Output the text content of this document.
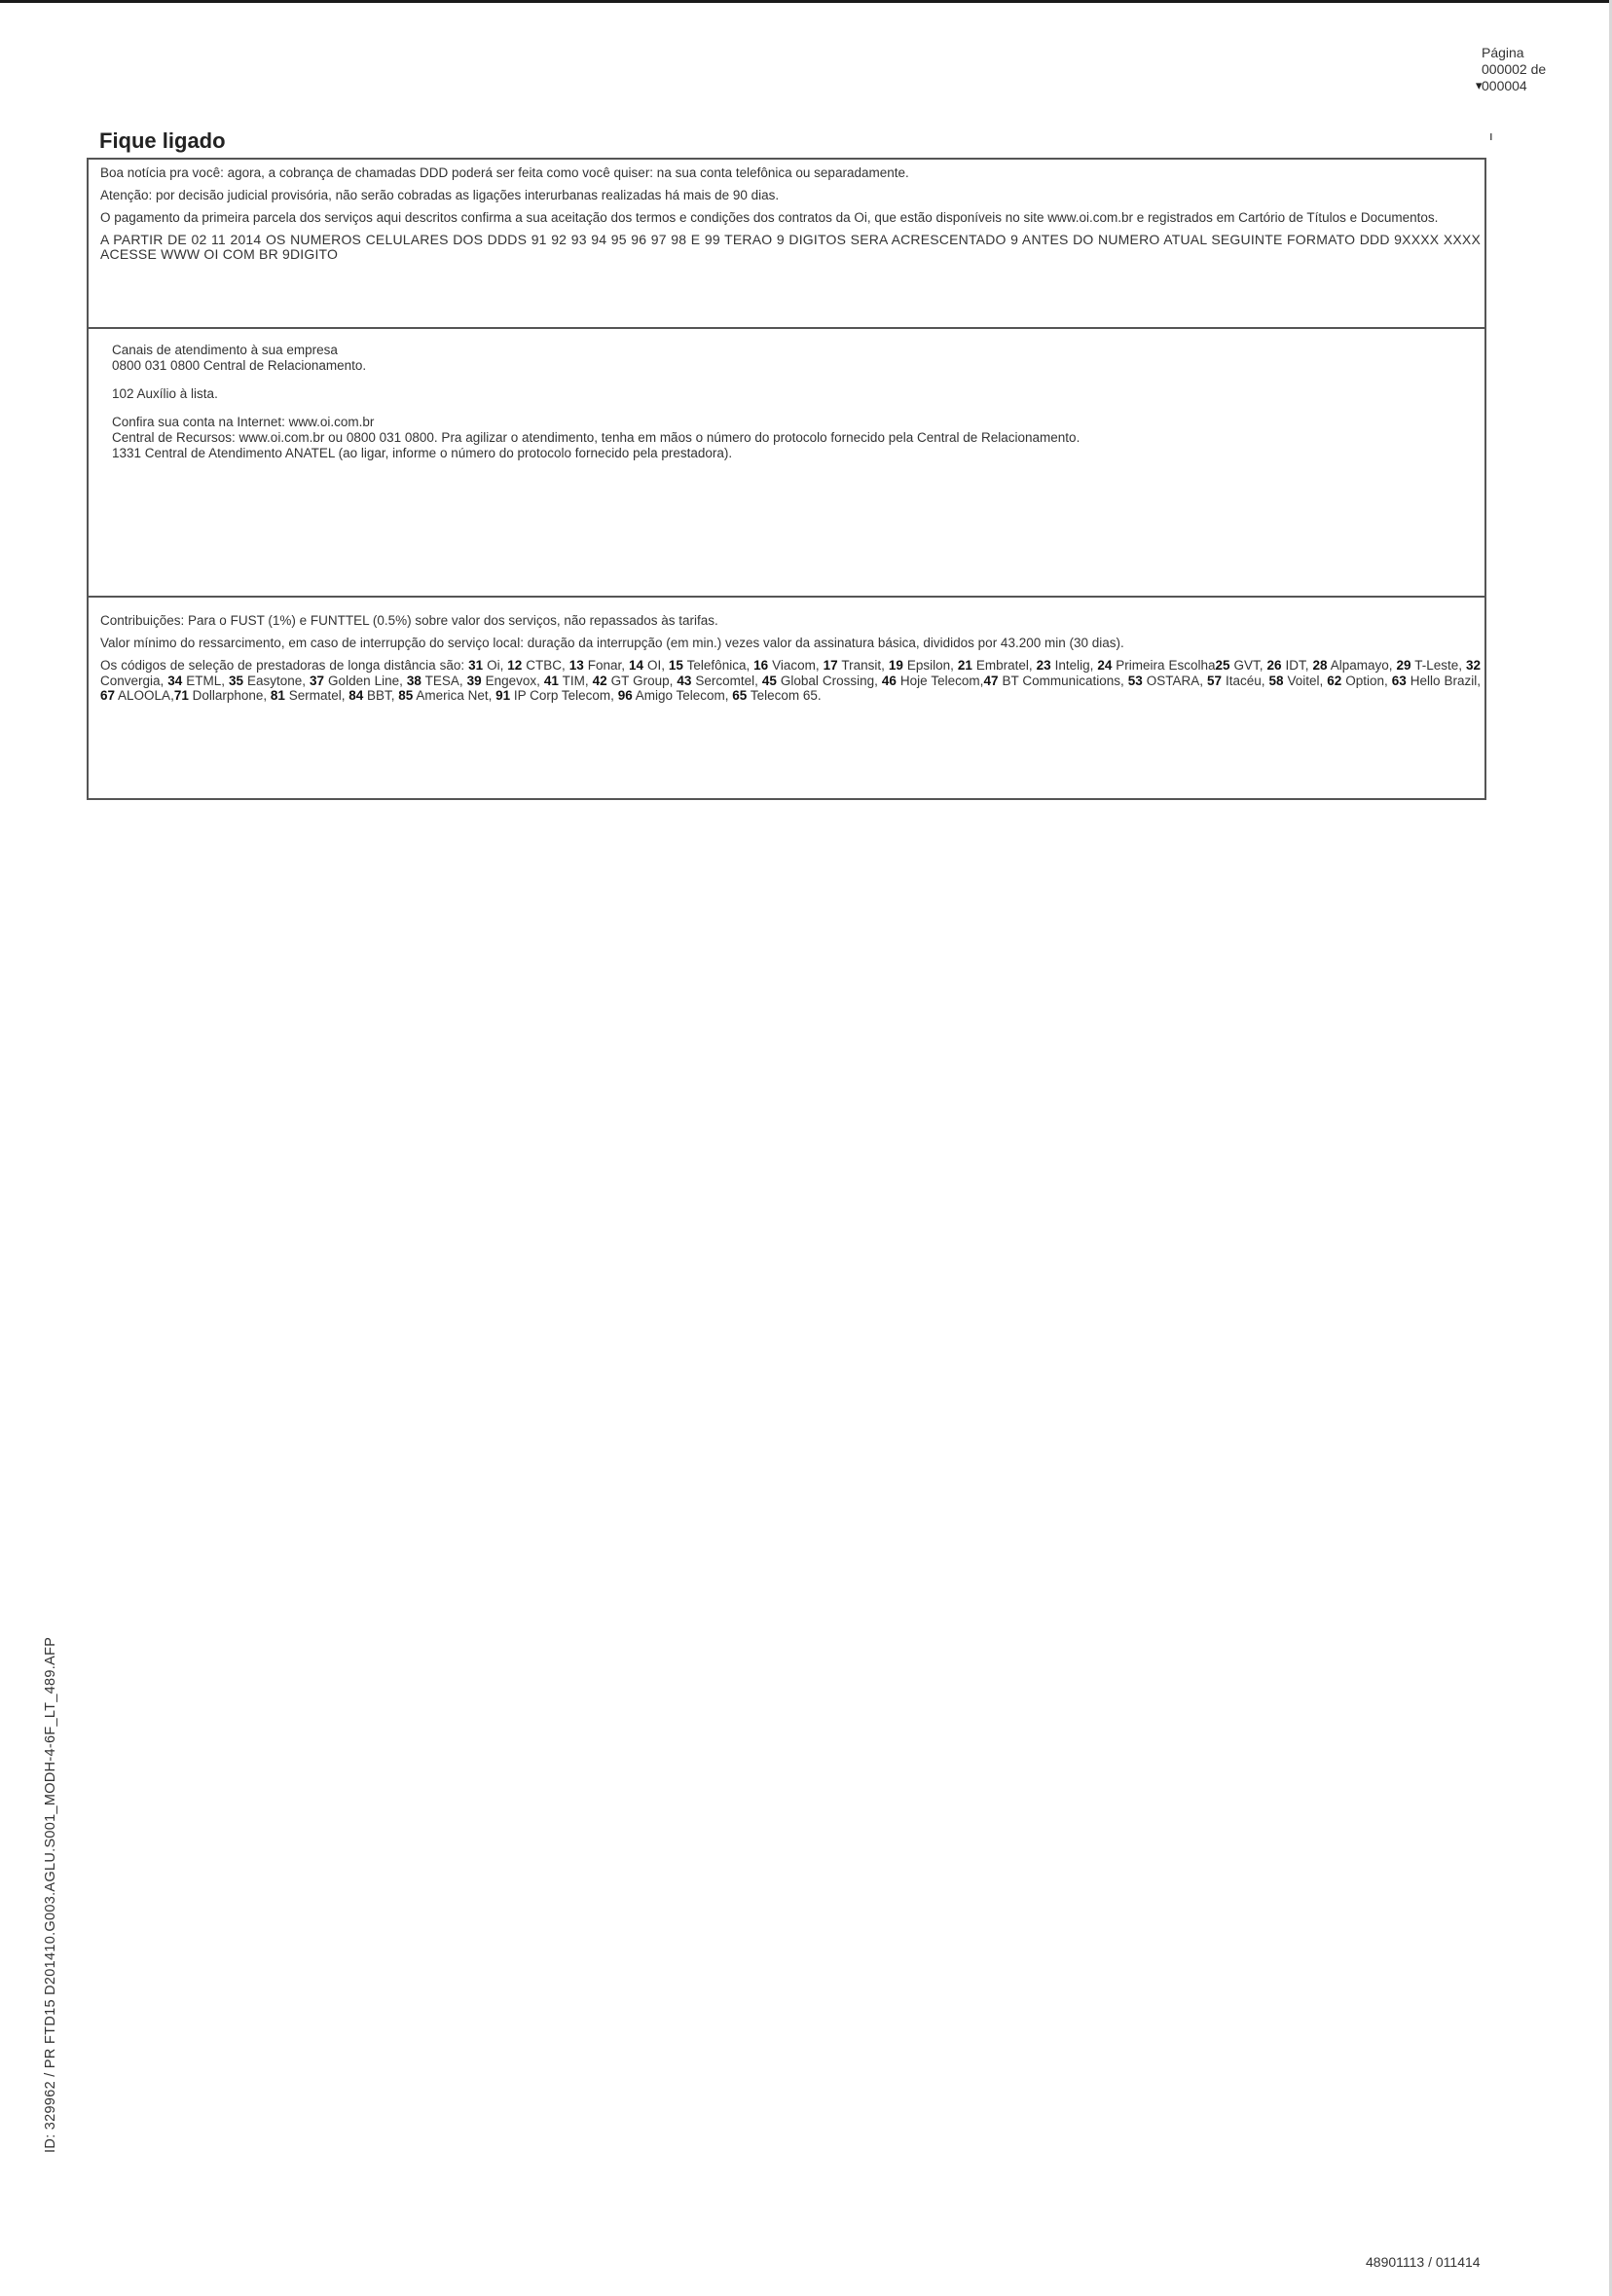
Página
000002 de
000004
▾
ı
Fique ligado

Boa notícia pra você: agora, a cobrança de chamadas DDD poderá ser feita como você quiser: na sua conta telefônica ou separadamente.

Atenção: por decisão judicial provisória, não serão cobradas as ligações interurbanas realizadas há mais de 90 dias.

O pagamento da primeira parcela dos serviços aqui descritos confirma a sua aceitação dos termos e condições dos contratos da Oi, que estão disponíveis no site www.oi.com.br e registrados em Cartório de Títulos e Documentos.

A PARTIR DE 02 11 2014 OS NUMEROS CELULARES DOS DDDS 91 92 93 94 95 96 97 98 E 99 TERAO 9 DIGITOS SERA ACRESCENTADO 9 ANTES DO NUMERO ATUAL SEGUINTE FORMATO DDD 9XXXX XXXX ACESSE WWW OI COM BR 9DIGITO

Canais de atendimento à sua empresa
0800 031 0800 Central de Relacionamento.
102 Auxílio à lista.
Confira sua conta na Internet: www.oi.com.br
Central de Recursos: www.oi.com.br ou 0800 031 0800. Pra agilizar o atendimento, tenha em mãos o número do protocolo fornecido pela Central de Relacionamento.
1331 Central de Atendimento ANATEL (ao ligar, informe o número do protocolo fornecido pela prestadora).

Contribuições: Para o FUST (1%) e FUNTTEL (0.5%) sobre valor dos serviços, não repassados às tarifas.

Valor mínimo do ressarcimento, em caso de interrupção do serviço local: duração da interrupção (em min.) vezes valor da assinatura básica, divididos por 43.200 min (30 dias).

Os códigos de seleção de prestadoras de longa distância são: 31 Oi, 12 CTBC, 13 Fonar, 14 OI, 15 Telefônica, 16 Viacom, 17 Transit, 19 Epsilon, 21 Embratel, 23 Intelig, 24 Primeira Escolha25 GVT, 26 IDT, 28 Alpamayo, 29 T-Leste, 32 Convergia, 34 ETML, 35 Easytone, 37 Golden Line, 38 TESA, 39 Engevox, 41 TIM, 42 GT Group, 43 Sercomtel, 45 Global Crossing, 46 Hoje Telecom,47 BT Communications, 53 OSTARA, 57 Itacéu, 58 Voitel, 62 Option, 63 Hello Brazil, 67 ALOOLA,71 Dollarphone, 81 Sermatel, 84 BBT, 85 America Net, 91 IP Corp Telecom, 96 Amigo Telecom, 65 Telecom 65.

ID: 329962 / PR FTD15 D201410.G003.AGLU.S001_MODH-4-6F_LT_489.AFP
48901113 / 011414
